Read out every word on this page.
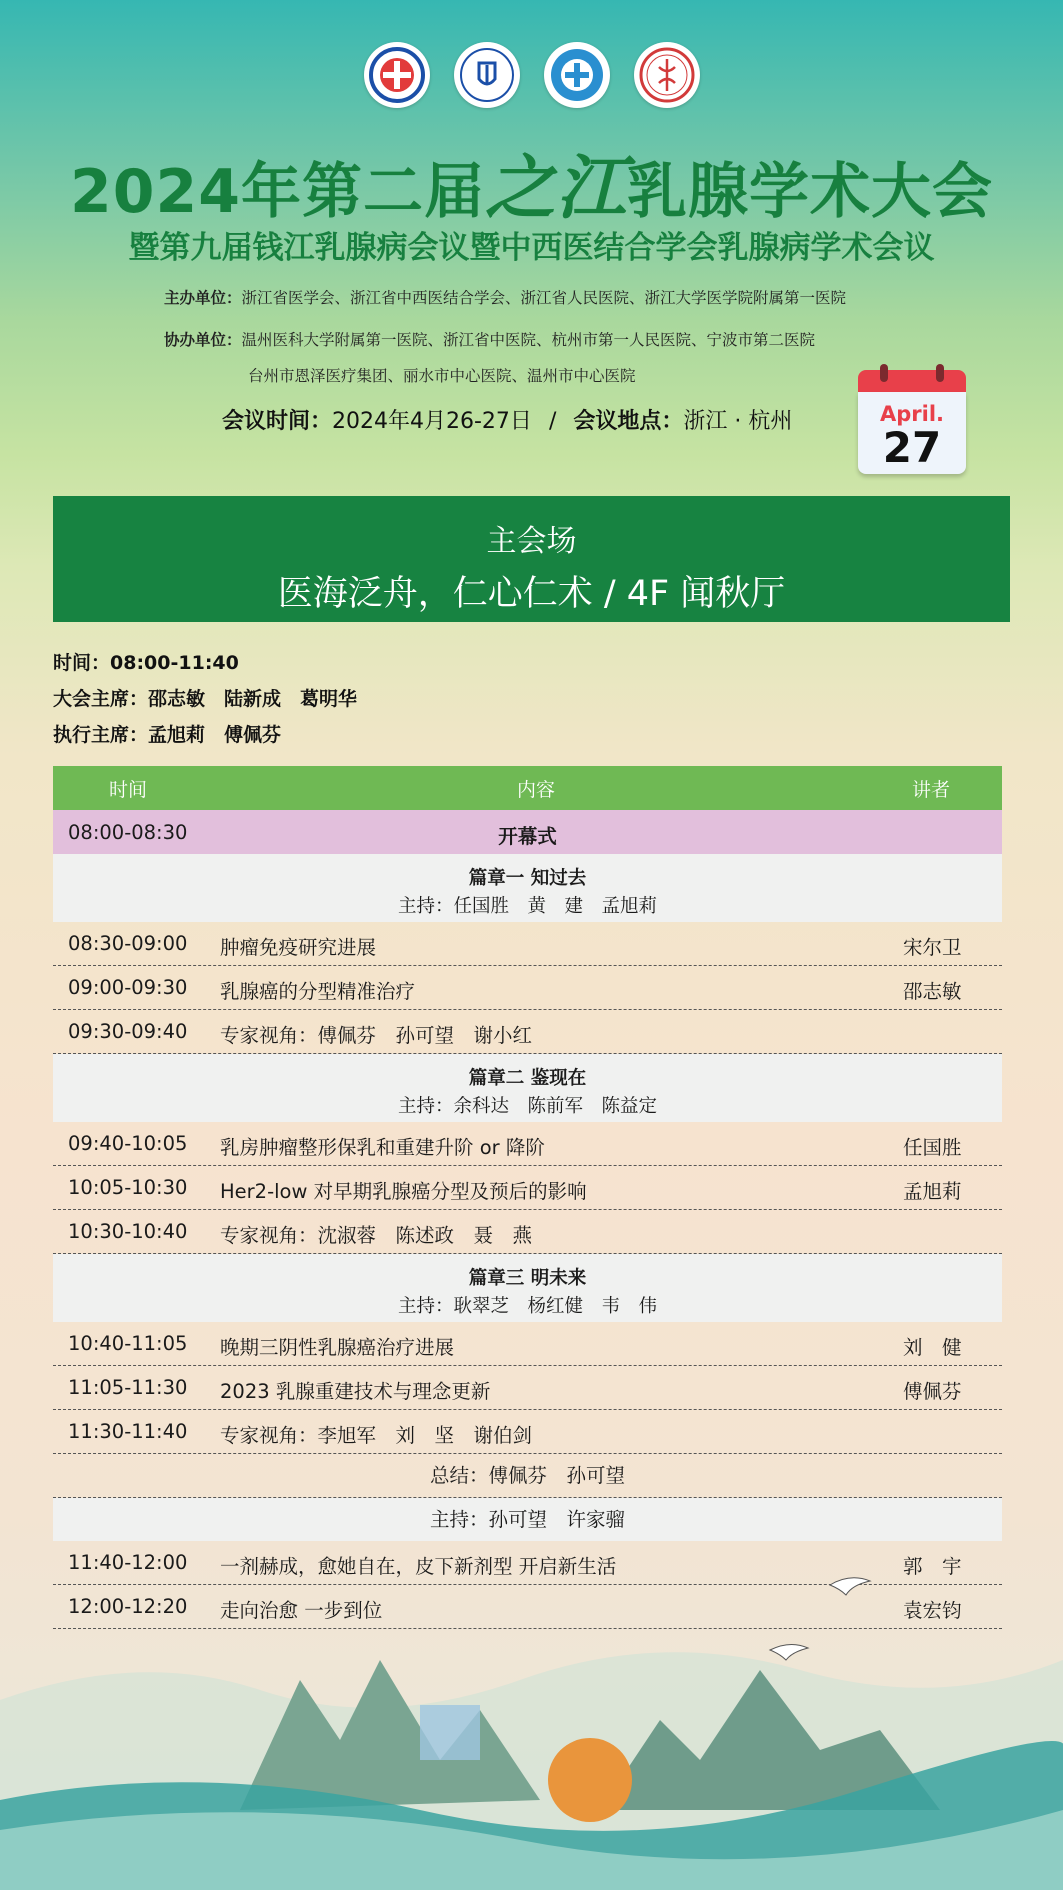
2024年第二届之江乳腺学术大会
暨第九届钱江乳腺病会议暨中西医结合学会乳腺病学术会议
主办单位：浙江省医学会、浙江省中西医结合学会、浙江省人民医院、浙江大学医学院附属第一医院
协办单位：温州医科大学附属第一医院、浙江省中医院、杭州市第一人民医院、宁波市第二医院
台州市恩泽医疗集团、丽水市中心医院、温州市中心医院
会议时间：2024年4月26-27日 / 会议地点：浙江 · 杭州	April.
27
主会场
医海泛舟，仁心仁术 / 4F 闻秋厅
时间：08:00-11:40
大会主席：邵志敏　陆新成　葛明华
执行主席：孟旭莉　傅佩芬
时间	内容	讲者
08:00-08:30	开幕式
篇章一 知过去
主持：任国胜　黄　建　孟旭莉
08:30-09:00 肿瘤免疫研究进展	宋尔卫
09:00-09:30 乳腺癌的分型精准治疗	邵志敏
09:30-09:40 专家视角：傅佩芬　孙可望　谢小红
篇章二 鉴现在
主持：余科达　陈前军　陈益定
09:40-10:05 乳房肿瘤整形保乳和重建升阶 or 降阶	任国胜
10:05-10:30 Her2-low 对早期乳腺癌分型及预后的影响	孟旭莉
10:30-10:40 专家视角：沈淑蓉　陈述政　聂　燕
篇章三 明未来
主持：耿翠芝　杨红健　韦　伟
10:40-11:05 晚期三阴性乳腺癌治疗进展	刘　健
11:05-11:30 2023 乳腺重建技术与理念更新	傅佩芬
11:30-11:40 专家视角：李旭军　刘　坚　谢伯剑
总结：傅佩芬　孙可望
主持：孙可望　许家骝
11:40-12:00 一剂赫成，愈她自在，皮下新剂型 开启新生活	郭　宇
12:00-12:20 走向治愈 一步到位	袁宏钧
